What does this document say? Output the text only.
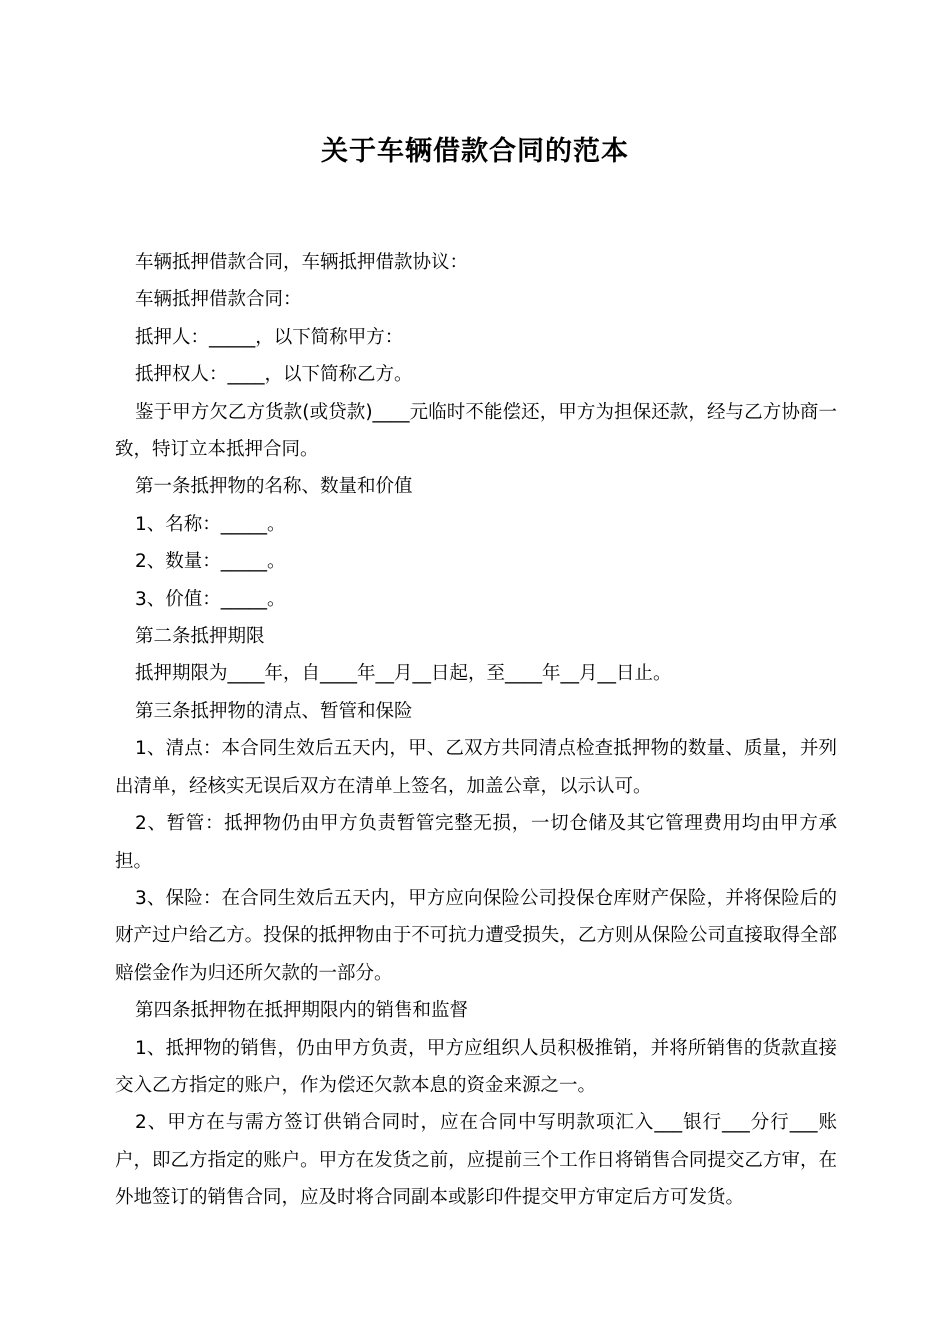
关于车辆借款合同的范本

车辆抵押借款合同，车辆抵押借款协议：

车辆抵押借款合同：

抵押人：_____，以下简称甲方：

抵押权人：____，以下简称乙方。

鉴于甲方欠乙方货款(或贷款)____元临时不能偿还，甲方为担保还款，经与乙方协商一致，特订立本抵押合同。

第一条抵押物的名称、数量和价值

1、名称：_____。

2、数量：_____。

3、价值：_____。

第二条抵押期限

抵押期限为____年，自____年__月__日起，至____年__月__日止。

第三条抵押物的清点、暂管和保险

1、清点：本合同生效后五天内，甲、乙双方共同清点检查抵押物的数量、质量，并列出清单，经核实无误后双方在清单上签名，加盖公章，以示认可。

2、暂管：抵押物仍由甲方负责暂管完整无损，一切仓储及其它管理费用均由甲方承担。

3、保险：在合同生效后五天内，甲方应向保险公司投保仓库财产保险，并将保险后的财产过户给乙方。投保的抵押物由于不可抗力遭受损失，乙方则从保险公司直接取得全部赔偿金作为归还所欠款的一部分。

第四条抵押物在抵押期限内的销售和监督

1、抵押物的销售，仍由甲方负责，甲方应组织人员积极推销，并将所销售的货款直接交入乙方指定的账户，作为偿还欠款本息的资金来源之一。

2、甲方在与需方签订供销合同时，应在合同中写明款项汇入___银行___分行___账户，即乙方指定的账户。甲方在发货之前，应提前三个工作日将销售合同提交乙方审，在外地签订的销售合同，应及时将合同副本或影印件提交甲方审定后方可发货。
